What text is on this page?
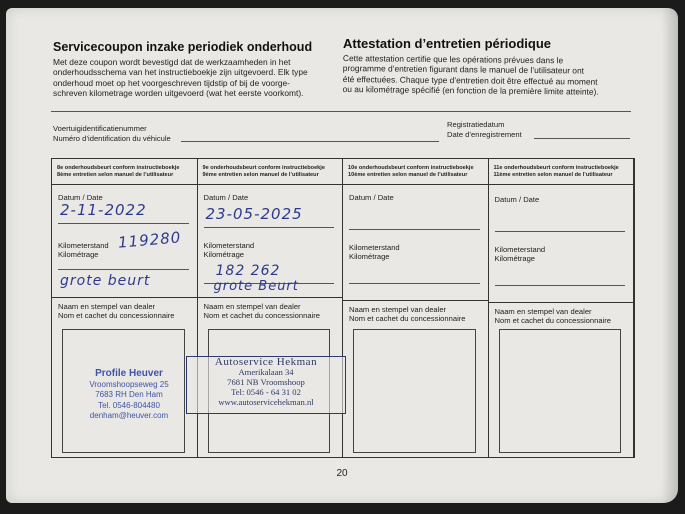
Servicecoupon inzake periodiek onderhoud
Met deze coupon wordt bevestigd dat de werkzaamheden in het
onderhoudsschema van het instructieboekje zijn uitgevoerd. Elk type
onderhoud moet op het voorgeschreven tijdstip of bij de voorge-
schreven kilometrage worden uitgevoerd (wat het eerste voorkomt).
Attestation d’entretien périodique
Cette attestation certifie que les opérations prévues dans le
programme d’entretien figurant dans le manuel de l’utilisateur ont
été effectuées. Chaque type d’entretien doit être effectué au moment
ou au kilométrage spécifié (en fonction de la première limite atteinte).
Voertuigidentificatienummer
Numéro d’identification du véhicule
Registratiedatum
Date d’enregistrement
8e onderhoudsbeurt conform instructieboekje
8ème entretien selon manuel de l’utilisateur
Datum / Date
2-11-2022
Kilometerstand
Kilométrage
119280
grote beurt
Naam en stempel van dealer
Nom et cachet du concessionnaire
Profile Heuver
Vroomshoopseweg 25
7683 RH Den Ham
Tel. 0546-804480
denham@heuver.com
9e onderhoudsbeurt conform instructieboekje
9ème entretien selon manuel de l’utilisateur
Datum / Date
23-05-2025
Kilometerstand
Kilométrage
182 262
grote Beurt
Naam en stempel van dealer
Nom et cachet du concessionnaire
10e onderhoudsbeurt conform instructieboekje
10ème entretien selon manuel de l’utilisateur
Datum / Date
Kilometerstand
Kilométrage
Naam en stempel van dealer
Nom et cachet du concessionnaire
11e onderhoudsbeurt conform instructieboekje
11ème entretien selon manuel de l’utilisateur
Datum / Date
Kilometerstand
Kilométrage
Naam en stempel van dealer
Nom et cachet du concessionnaire
Autoservice Hekman
Amerikalaan 34
7681 NB Vroomshoop
Tel: 0546 - 64 31 02
www.autoservicehekman.nl
20
